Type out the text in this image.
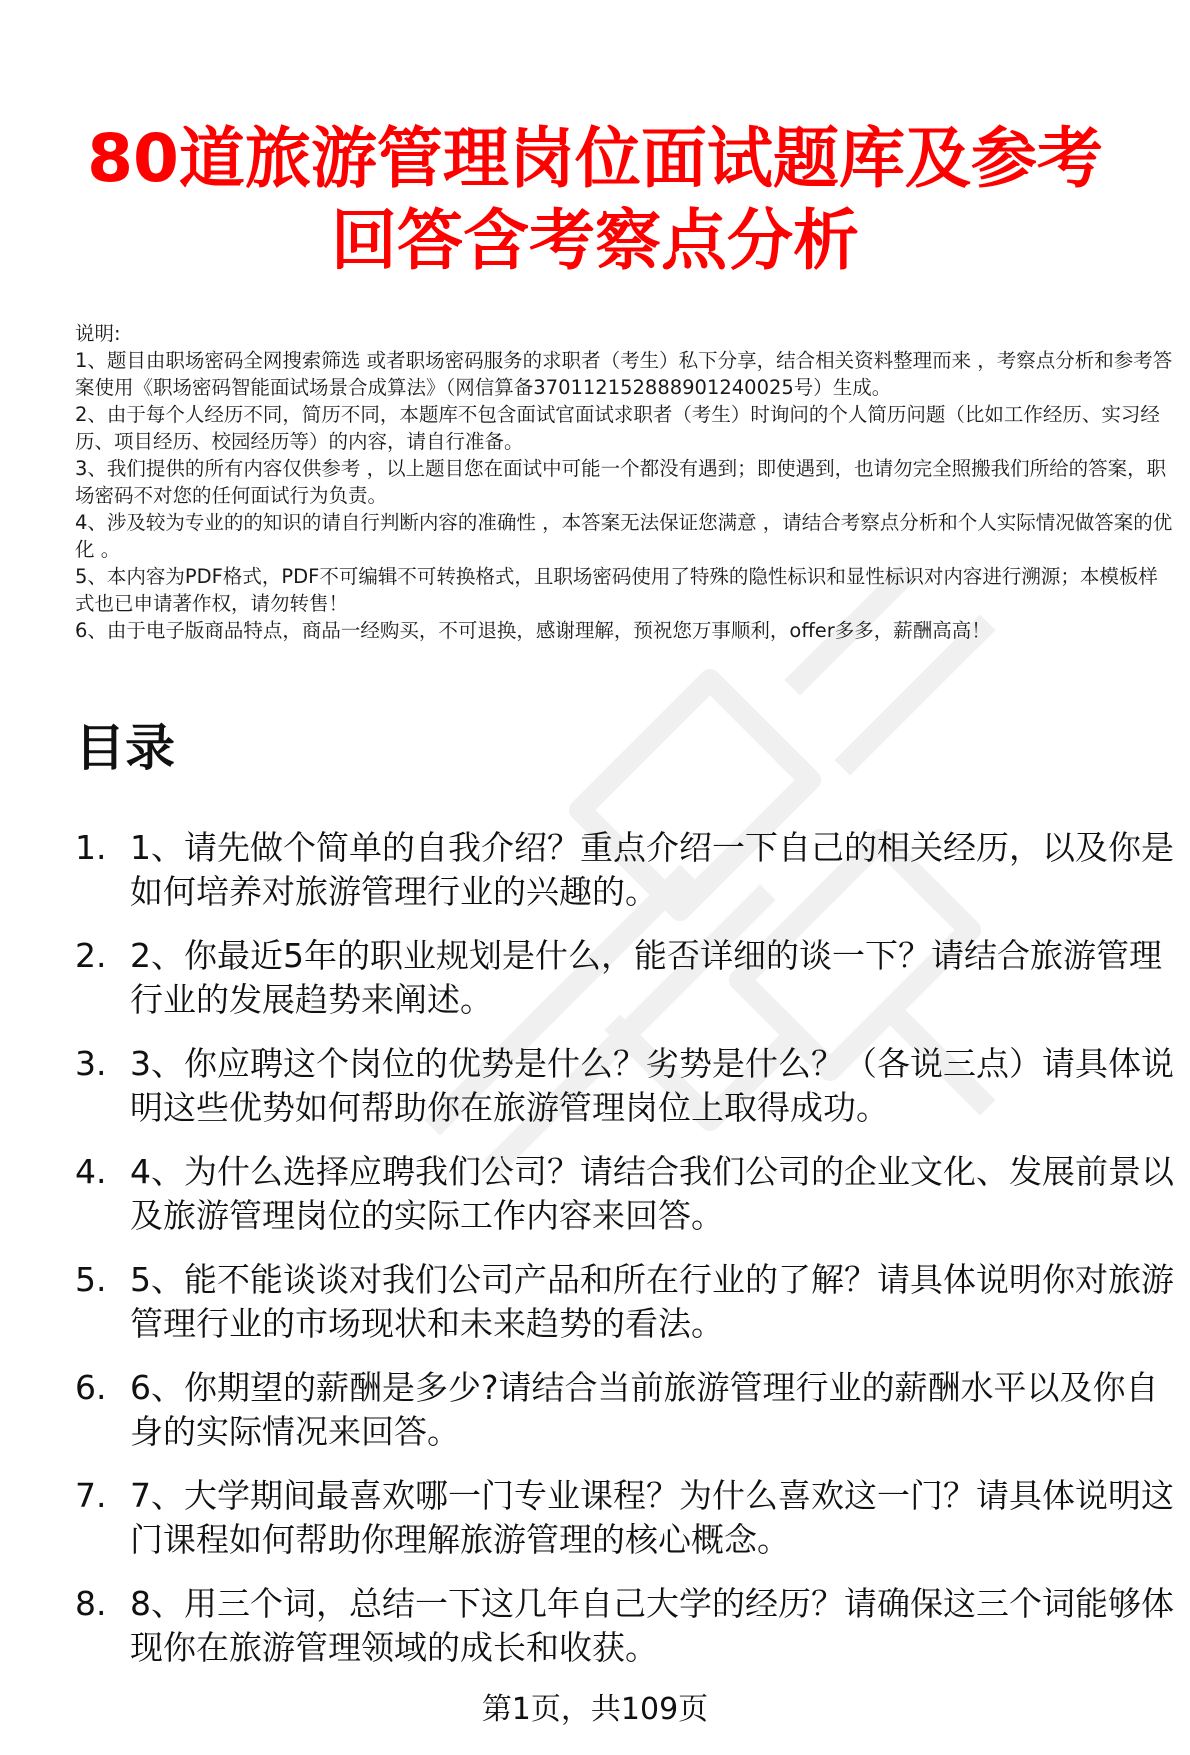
80道旅游管理岗位面试题库及参考回答含考察点分析

说明:

1、题目由职场密码全网搜索筛选 或者职场密码服务的求职者（考生）私下分享，结合相关资料整理而来 ，考察点分析和参考答案使用《职场密码智能面试场景合成算法》（网信算备370112152888901240025号）生成。

2、由于每个人经历不同，简历不同，本题库不包含面试官面试求职者（考生）时询问的个人简历问题（比如工作经历、实习经历、项目经历、校园经历等）的内容，请自行准备。

3、我们提供的所有内容仅供参考 ，以上题目您在面试中可能一个都没有遇到；即使遇到，也请勿完全照搬我们所给的答案，职场密码不对您的任何面试行为负责。

4、涉及较为专业的的知识的请自行判断内容的准确性 ，本答案无法保证您满意 ，请结合考察点分析和个人实际情况做答案的优化 。

5、本内容为PDF格式，PDF不可编辑不可转换格式，且职场密码使用了特殊的隐性标识和显性标识对内容进行溯源；本模板样式也已申请著作权，请勿转售！

6、由于电子版商品特点，商品一经购买，不可退换，感谢理解，预祝您万事顺利，offer多多，薪酬高高！

目录
1. 1、请先做个简单的自我介绍？重点介绍一下自己的相关经历，以及你是如何培养对旅游管理行业的兴趣的。
2. 2、你最近5年的职业规划是什么，能否详细的谈一下？请结合旅游管理行业的发展趋势来阐述。
3. 3、你应聘这个岗位的优势是什么？劣势是什么？（各说三点）请具体说明这些优势如何帮助你在旅游管理岗位上取得成功。
4. 4、为什么选择应聘我们公司？请结合我们公司的企业文化、发展前景以及旅游管理岗位的实际工作内容来回答。
5. 5、能不能谈谈对我们公司产品和所在行业的了解？请具体说明你对旅游管理行业的市场现状和未来趋势的看法。
6. 6、你期望的薪酬是多少?请结合当前旅游管理行业的薪酬水平以及你自身的实际情况来回答。
7. 7、大学期间最喜欢哪一门专业课程？为什么喜欢这一门？请具体说明这门课程如何帮助你理解旅游管理的核心概念。
8. 8、用三个词，总结一下这几年自己大学的经历？请确保这三个词能够体现你在旅游管理领域的成长和收获。
第1页，共109页
